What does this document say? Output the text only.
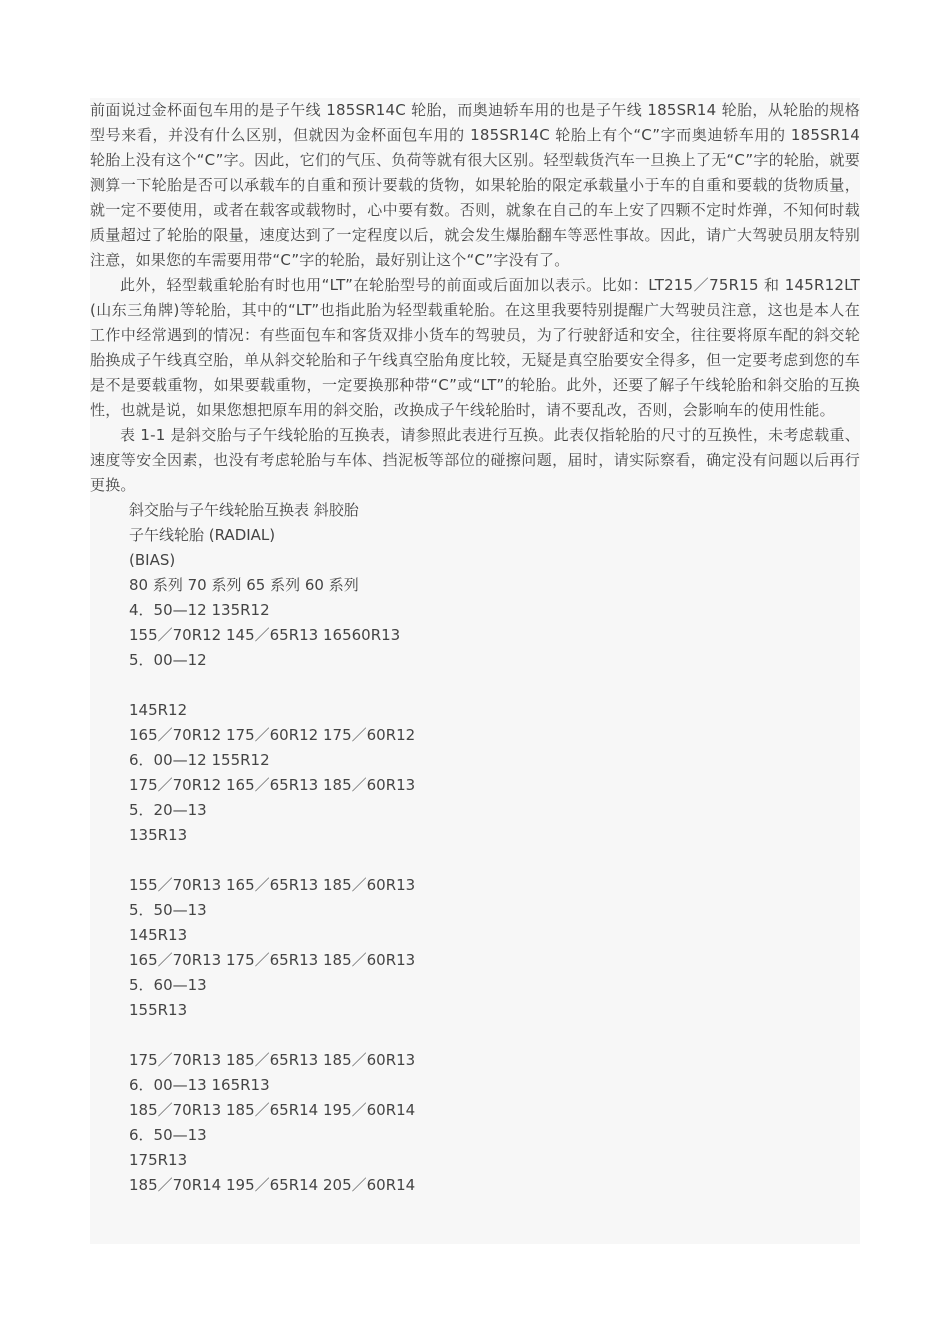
前面说过金杯面包车用的是子午线 185SR14C 轮胎，而奥迪轿车用的也是子午线 185SR14 轮胎，从轮胎的规格型号来看，并没有什么区别，但就因为金杯面包车用的 185SR14C 轮胎上有个“C”字而奥迪轿车用的 185SR14 轮胎上没有这个“C”字。因此，它们的气压、负荷等就有很大区别。轻型载货汽车一旦换上了无“C”字的轮胎，就要测算一下轮胎是否可以承载车的自重和预计要载的货物，如果轮胎的限定承载量小于车的自重和要载的货物质量，就一定不要使用，或者在载客或载物时，心中要有数。否则，就象在自己的车上安了四颗不定时炸弹，不知何时载质量超过了轮胎的限量，速度达到了一定程度以后，就会发生爆胎翻车等恶性事故。因此，请广大驾驶员朋友特别注意，如果您的车需要用带“C”字的轮胎，最好别让这个“C”字没有了。

此外，轻型载重轮胎有时也用“LT”在轮胎型号的前面或后面加以表示。比如：LT215／75R15 和 145R12LT(山东三角牌)等轮胎，其中的“LT”也指此胎为轻型载重轮胎。在这里我要特别提醒广大驾驶员注意，这也是本人在工作中经常遇到的情况：有些面包车和客货双排小货车的驾驶员，为了行驶舒适和安全，往往要将原车配的斜交轮胎换成子午线真空胎，单从斜交轮胎和子午线真空胎角度比较，无疑是真空胎要安全得多，但一定要考虑到您的车是不是要载重物，如果要载重物，一定要换那种带“C”或“LT”的轮胎。此外，还要了解子午线轮胎和斜交胎的互换性，也就是说，如果您想把原车用的斜交胎，改换成子午线轮胎时，请不要乱改，否则，会影响车的使用性能。

表 1-1 是斜交胎与子午线轮胎的互换表，请参照此表进行互换。此表仅指轮胎的尺寸的互换性，未考虑载重、速度等安全因素，也没有考虑轮胎与车体、挡泥板等部位的碰擦问题，届时，请实际察看，确定没有问题以后再行更换。

斜交胎与子午线轮胎互换表 斜胶胎
子午线轮胎 (RADIAL)
(BIAS)
80 系列 70 系列 65 系列 60 系列
4．50—12 135R12
155／70R12 145／65R13 16560R13
5．00—12
145R12
165／70R12 175／60R12 175／60R12
6．00—12 155R12
175／70R12 165／65R13 185／60R13
5．20—13
135R13
155／70R13 165／65R13 185／60R13
5．50—13
145R13
165／70R13 175／65R13 185／60R13
5．60—13
155R13
175／70R13 185／65R13 185／60R13
6．00—13 165R13
185／70R13 185／65R14 195／60R14
6．50—13
175R13
185／70R14 195／65R14 205／60R14
